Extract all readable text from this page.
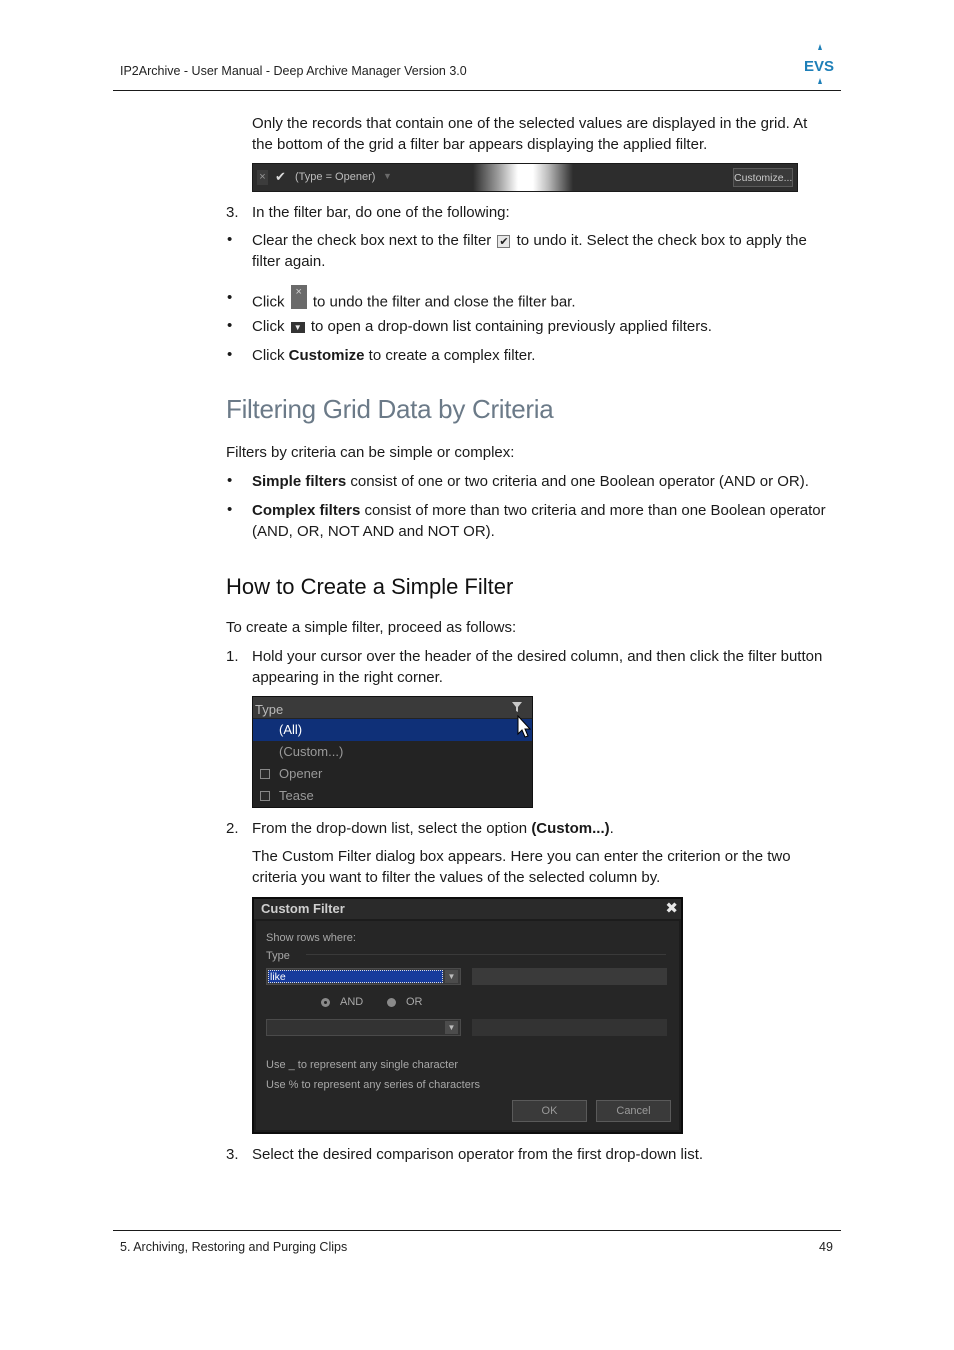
IP2Archive - User Manual - Deep Archive Manager Version 3.0	EVS
Only the records that contain one of the selected values are displayed in the grid. At the bottom of the grid a filter bar appears displaying the applied filter.
× ✔ (Type = Opener) ▼	Customize...
3. In the filter bar, do one of the following:
• Clear the check box next to the filter ✔ to undo it. Select the check box to apply the
filter again.
• Click × to undo the filter and close the filter bar.
• Click ▼ to open a drop-down list containing previously applied filters.
• Click Customize to create a complex filter.
Filtering Grid Data by Criteria
Filters by criteria can be simple or complex:
• Simple filters consist of one or two criteria and one Boolean operator (AND or OR).
• Complex filters consist of more than two criteria and more than one Boolean operator
(AND, OR, NOT AND and NOT OR).
How to Create a Simple Filter
To create a simple filter, proceed as follows:
1. Hold your cursor over the header of the desired column, and then click the filter button
appearing in the right corner.
Type
(All)
(Custom...)
Opener
Tease
2. From the drop-down list, select the option (Custom...).
The Custom Filter dialog box appears. Here you can enter the criterion or the two
criteria you want to filter the values of the selected column by.
Custom Filter	✖
Show rows where:
Type
like	▼
AND	OR
▼
Use _ to represent any single character
Use % to represent any series of characters
OK	Cancel
3. Select the desired comparison operator from the first drop-down list.
5. Archiving, Restoring and Purging Clips	49
